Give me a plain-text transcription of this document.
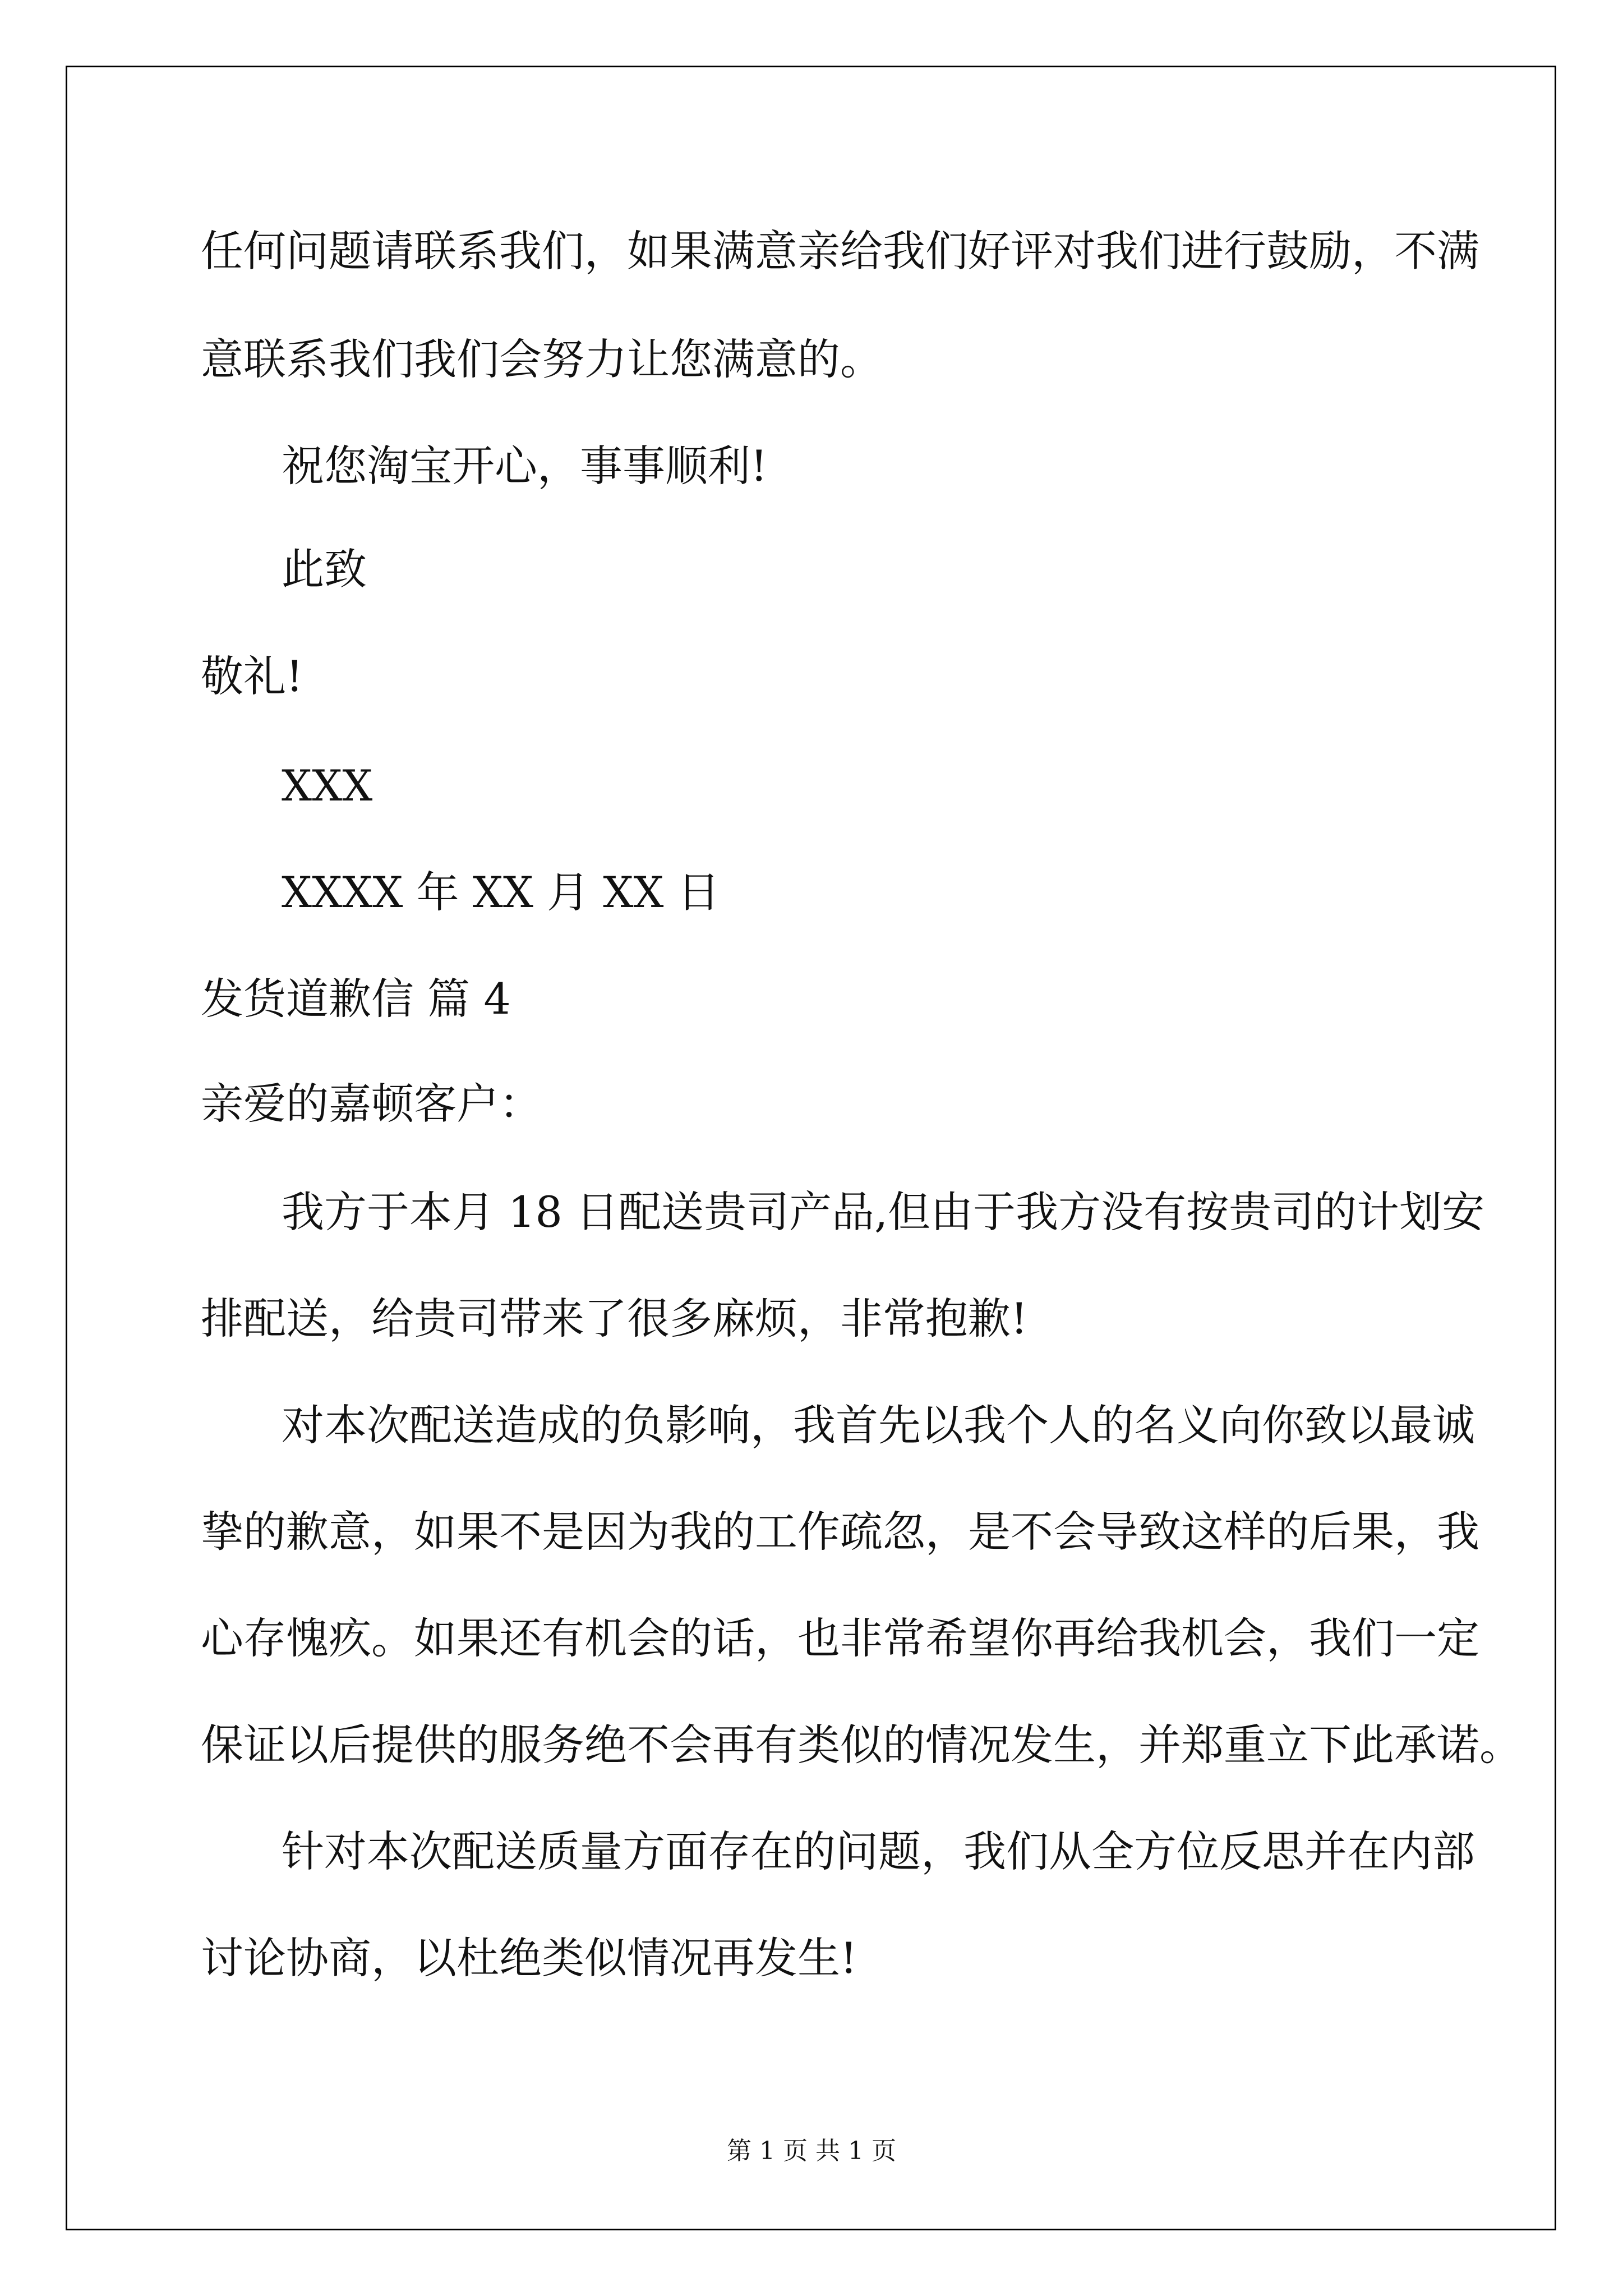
任何问题请联系我们，如果满意亲给我们好评对我们进行鼓励，不满
意联系我们我们会努力让您满意的。
祝您淘宝开心，事事顺利!
此致
敬礼!
XXX
XXXX 年 XX 月 XX 日
发货道歉信 篇 4
亲爱的嘉顿客户：
我方于本月 18 日配送贵司产品,但由于我方没有按贵司的计划安
排配送，给贵司带来了很多麻烦，非常抱歉!
对本次配送造成的负影响，我首先以我个人的名义向你致以最诚
挚的歉意，如果不是因为我的工作疏忽，是不会导致这样的后果，我
心存愧疚。如果还有机会的话，也非常希望你再给我机会，我们一定
保证以后提供的服务绝不会再有类似的情况发生，并郑重立下此承诺。
针对本次配送质量方面存在的问题，我们从全方位反思并在内部
讨论协商，以杜绝类似情况再发生!
第 1 页 共 1 页
